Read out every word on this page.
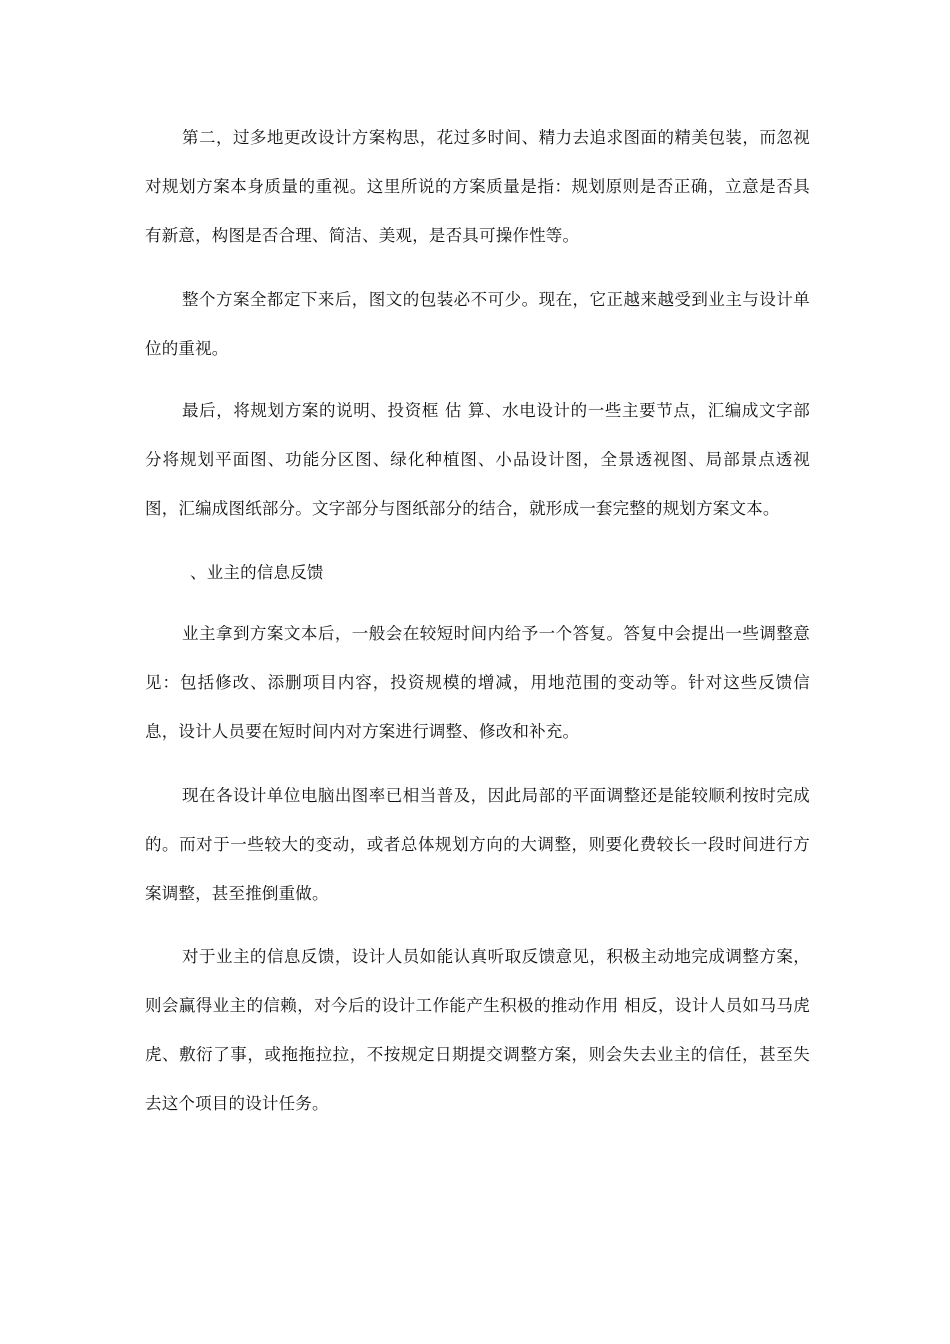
第二，过多地更改设计方案构思，花过多时间、精力去追求图面的精美包装，而忽视对规划方案本身质量的重视。这里所说的方案质量是指：规划原则是否正确，立意是否具有新意，构图是否合理、简洁、美观，是否具可操作性等。

整个方案全都定下来后，图文的包装必不可少。现在，它正越来越受到业主与设计单位的重视。

最后，将规划方案的说明、投资框 估 算、水电设计的一些主要节点，汇编成文字部分将规划平面图、功能分区图、绿化种植图、小品设计图，全景透视图、局部景点透视图，汇编成图纸部分。文字部分与图纸部分的结合，就形成一套完整的规划方案文本。

、业主的信息反馈

业主拿到方案文本后，一般会在较短时间内给予一个答复。答复中会提出一些调整意见：包括修改、添删项目内容，投资规模的增减，用地范围的变动等。针对这些反馈信息，设计人员要在短时间内对方案进行调整、修改和补充。

现在各设计单位电脑出图率已相当普及，因此局部的平面调整还是能较顺利按时完成的。而对于一些较大的变动，或者总体规划方向的大调整，则要化费较长一段时间进行方案调整，甚至推倒重做。

对于业主的信息反馈，设计人员如能认真听取反馈意见，积极主动地完成调整方案，则会赢得业主的信赖，对今后的设计工作能产生积极的推动作用 相反，设计人员如马马虎虎、敷衍了事，或拖拖拉拉，不按规定日期提交调整方案，则会失去业主的信任，甚至失去这个项目的设计任务。
